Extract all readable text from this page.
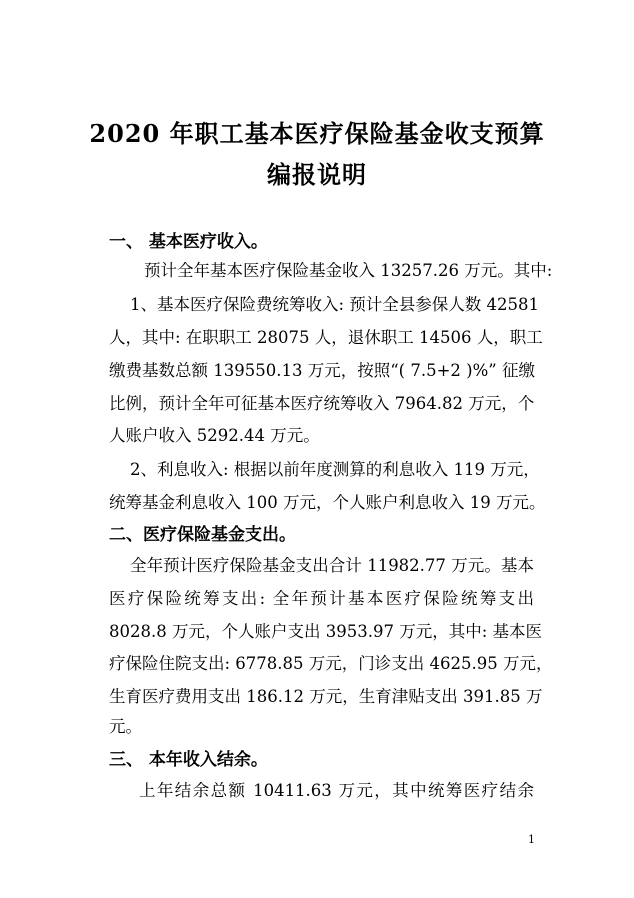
2020 年职工基本医疗保险基金收支预算
编报说明
一、 基本医疗收入。
预计全年基本医疗保险基金收入 13257.26 万元。其中:
1、基本医疗保险费统筹收入: 预计全县参保人数 42581
人，其中: 在职职工 28075 人，退休职工 14506 人，职工
缴费基数总额 139550.13 万元，按照“( 7.5+2 )%” 征缴
比例，预计全年可征基本医疗统筹收入 7964.82 万元，个
人账户收入 5292.44 万元。
2、利息收入: 根据以前年度测算的利息收入 119 万元，
统筹基金利息收入 100 万元，个人账户利息收入 19 万元。
二、医疗保险基金支出。
全年预计医疗保险基金支出合计 11982.77 万元。基本
医疗保险统筹支出: 全年预计基本医疗保险统筹支出
8028.8 万元，个人账户支出 3953.97 万元，其中: 基本医
疗保险住院支出: 6778.85 万元，门诊支出 4625.95 万元，
生育医疗费用支出 186.12 万元，生育津贴支出 391.85 万
元。
三、 本年收入结余。
上年结余总额 10411.63 万元，其中统筹医疗结余
1
